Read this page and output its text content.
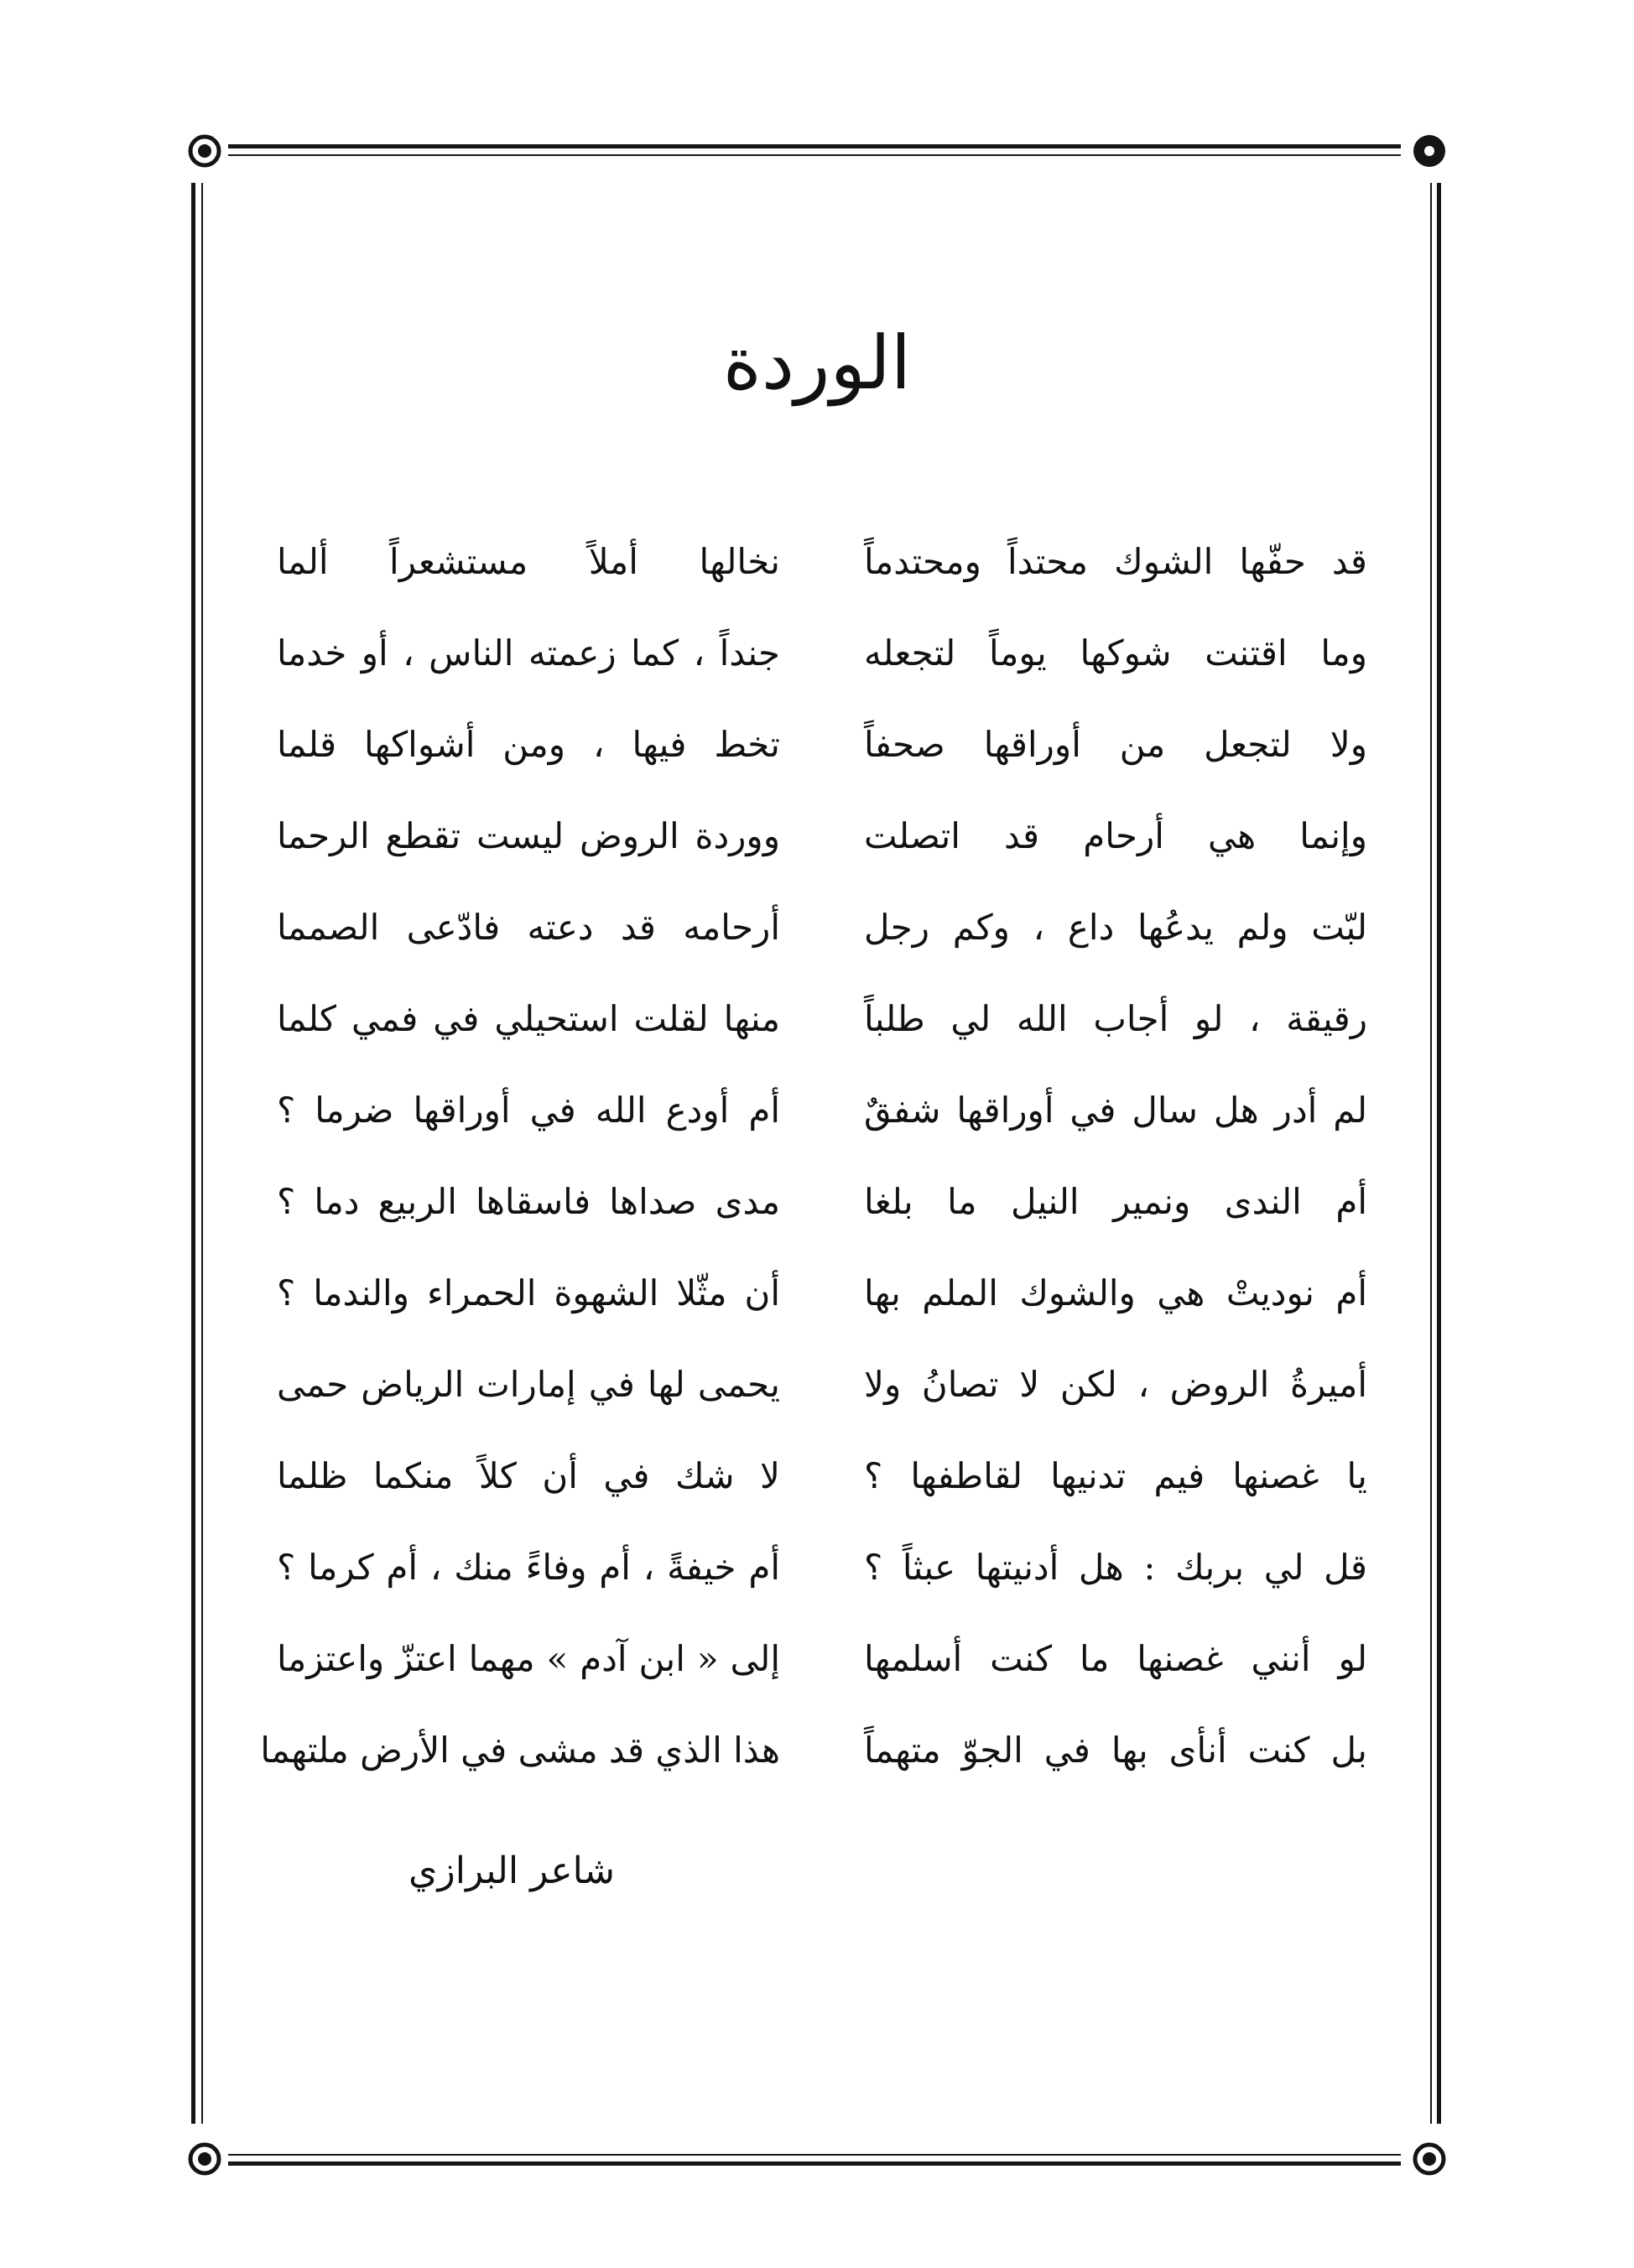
الوردة
قد حفّها الشوك محتداً ومحتدماً
نخالها أملاً مستشعراً ألما
وما اقتنت شوكها يوماً لتجعله
جنداً ، كما زعمته الناس ، أو خدما
ولا لتجعل من أوراقها صحفاً
تخط فيها ، ومن أشواكها قلما
وإنما هي أرحام قد اتصلت
ووردة الروض ليست تقطع الرحما
لبّت ولم يدعُها داع ، وكم رجل
أرحامه قد دعته فادّعى الصمما
رقيقة ، لو أجاب الله لي طلباً
منها لقلت استحيلي في فمي كلما
لم أدر هل سال في أوراقها شفقٌ
أم أودع الله في أوراقها ضرما ؟
أم الندى ونمير النيل ما بلغا
مدى صداها فاسقاها الربيع دما ؟
أم نوديتْ هي والشوك الملم بها
أن مثّلا الشهوة الحمراء والندما ؟
أميرةُ الروض ، لكن لا تصانُ ولا
يحمى لها في إمارات الرياض حمى
يا غصنها فيم تدنيها لقاطفها ؟
لا شك في أن كلاً منكما ظلما
قل لي بربك : هل أدنيتها عبثاً ؟
أم خيفةً ، أم وفاءً منك ، أم كرما ؟
لو أنني غصنها ما كنت أسلمها
إلى « ابن آدم » مهما اعتزّ واعتزما
بل كنت أنأى بها في الجوّ متهماً
هذا الذي قد مشى في الأرض ملتهما
شاعر البرازي
